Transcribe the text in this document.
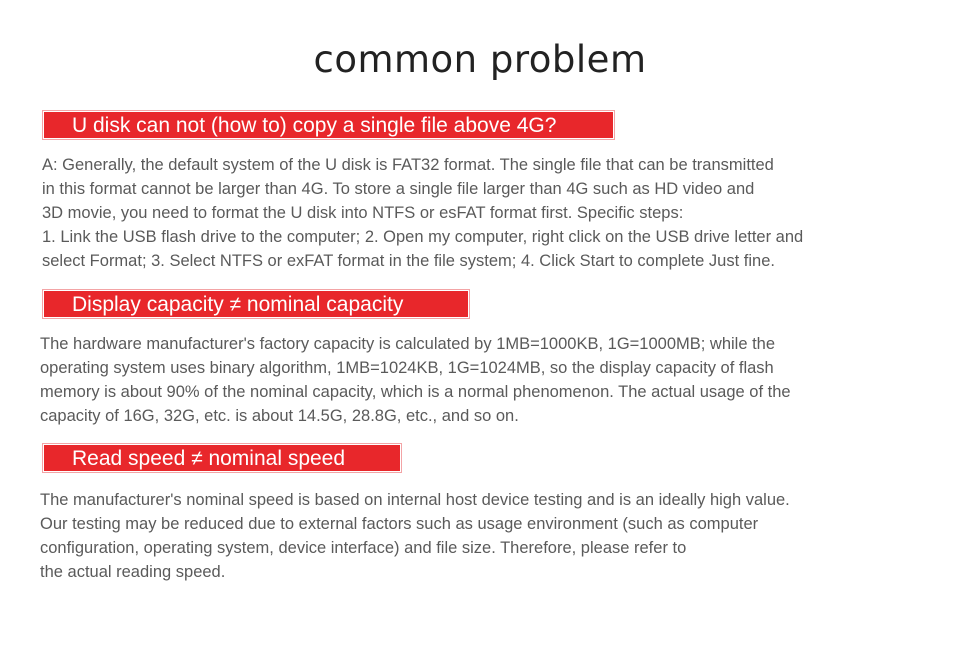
common problem
U disk can not (how to) copy a single file above 4G?
A: Generally, the default system of the U disk is FAT32 format. The single file that can be transmitted
in this format cannot be larger than 4G. To store a single file larger than 4G such as HD video and
3D movie, you need to format the U disk into NTFS or esFAT format first. Specific steps:
1. Link the USB flash drive to the computer; 2. Open my computer, right click on the USB drive letter and
select Format; 3. Select NTFS or exFAT format in the file system; 4. Click Start to complete Just fine.
Display capacity ≠ nominal capacity
The hardware manufacturer's factory capacity is calculated by 1MB=1000KB, 1G=1000MB; while the
operating system uses binary algorithm, 1MB=1024KB, 1G=1024MB, so the display capacity of flash
memory is about 90% of the nominal capacity, which is a normal phenomenon. The actual usage of the
capacity of 16G, 32G, etc. is about 14.5G, 28.8G, etc., and so on.
Read speed ≠ nominal speed
The manufacturer's nominal speed is based on internal host device testing and is an ideally high value.
Our testing may be reduced due to external factors such as usage environment (such as computer
configuration, operating system, device interface) and file size. Therefore, please refer to
the actual reading speed.
